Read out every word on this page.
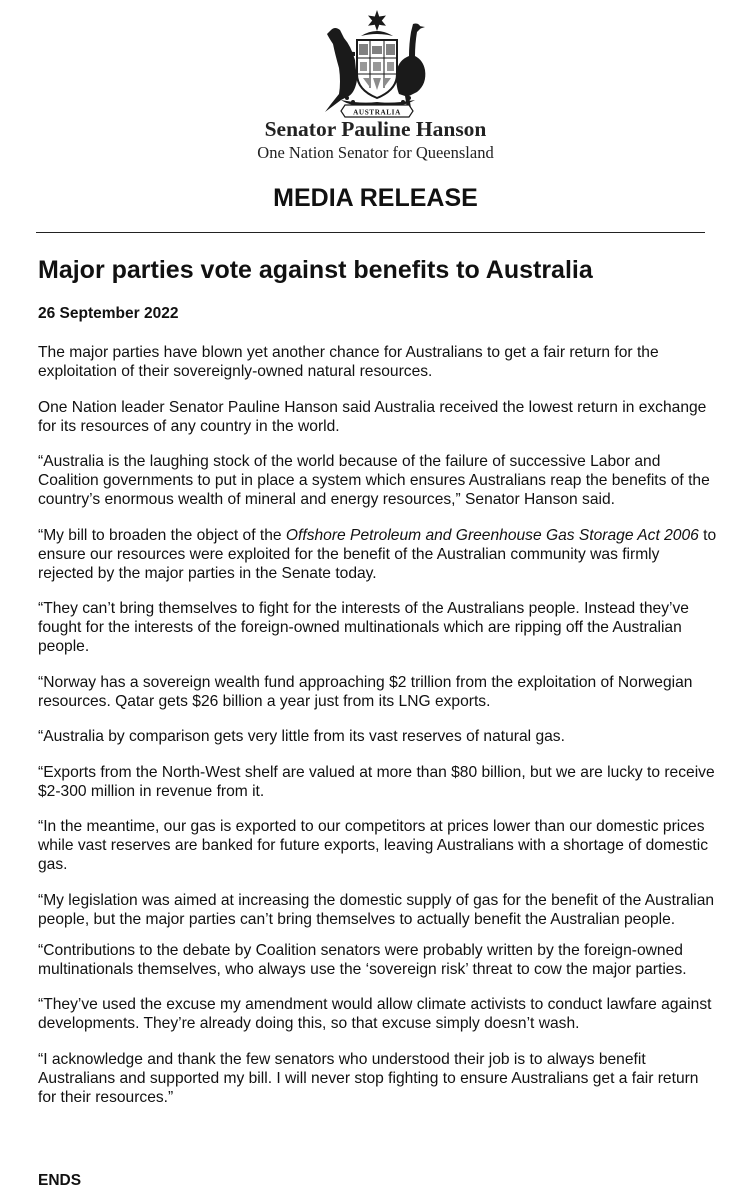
AUSTRALIA
Senator Pauline Hanson
One Nation Senator for Queensland
MEDIA RELEASE
Major parties vote against benefits to Australia
26 September 2022

The major parties have blown yet another chance for Australians to get a fair return for the exploitation of their sovereignly-owned natural resources.

One Nation leader Senator Pauline Hanson said Australia received the lowest return in exchange for its resources of any country in the world.

“Australia is the laughing stock of the world because of the failure of successive Labor and Coalition governments to put in place a system which ensures Australians reap the benefits of the country’s enormous wealth of mineral and energy resources,” Senator Hanson said.

“My bill to broaden the object of the Offshore Petroleum and Greenhouse Gas Storage Act 2006 to ensure our resources were exploited for the benefit of the Australian community was firmly rejected by the major parties in the Senate today.

“They can’t bring themselves to fight for the interests of the Australians people. Instead they’ve fought for the interests of the foreign-owned multinationals which are ripping off the Australian people.

“Norway has a sovereign wealth fund approaching $2 trillion from the exploitation of Norwegian resources. Qatar gets $26 billion a year just from its LNG exports.

“Australia by comparison gets very little from its vast reserves of natural gas.

“Exports from the North-West shelf are valued at more than $80 billion, but we are lucky to receive $2-300 million in revenue from it.

“In the meantime, our gas is exported to our competitors at prices lower than our domestic prices while vast reserves are banked for future exports, leaving Australians with a shortage of domestic gas.

“My legislation was aimed at increasing the domestic supply of gas for the benefit of the Australian people, but the major parties can’t bring themselves to actually benefit the Australian people.

“Contributions to the debate by Coalition senators were probably written by the foreign-owned multinationals themselves, who always use the ‘sovereign risk’ threat to cow the major parties.

“They’ve used the excuse my amendment would allow climate activists to conduct lawfare against developments. They’re already doing this, so that excuse simply doesn’t wash.

“I acknowledge and thank the few senators who understood their job is to always benefit Australians and supported my bill. I will never stop fighting to ensure Australians get a fair return for their resources.”

ENDS
